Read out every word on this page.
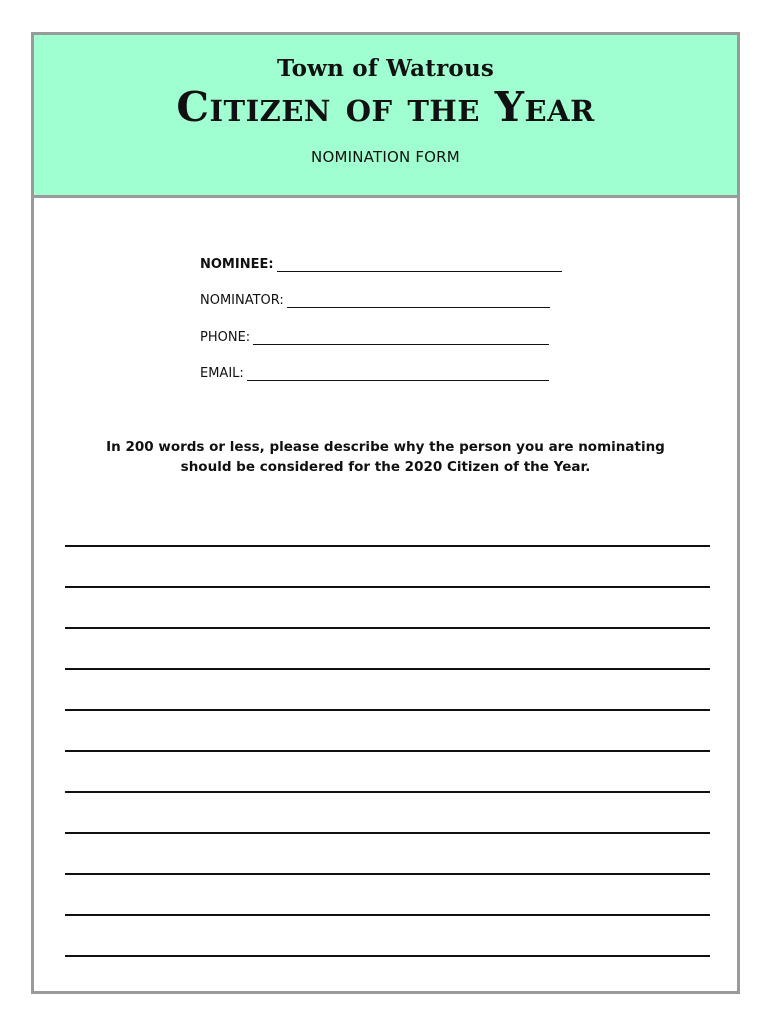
Town of Watrous
Citizen of the Year
NOMINATION FORM
NOMINEE:
NOMINATOR:
PHONE:
EMAIL:
In 200 words or less, please describe why the person you are nominating
should be considered for the 2020 Citizen of the Year.
